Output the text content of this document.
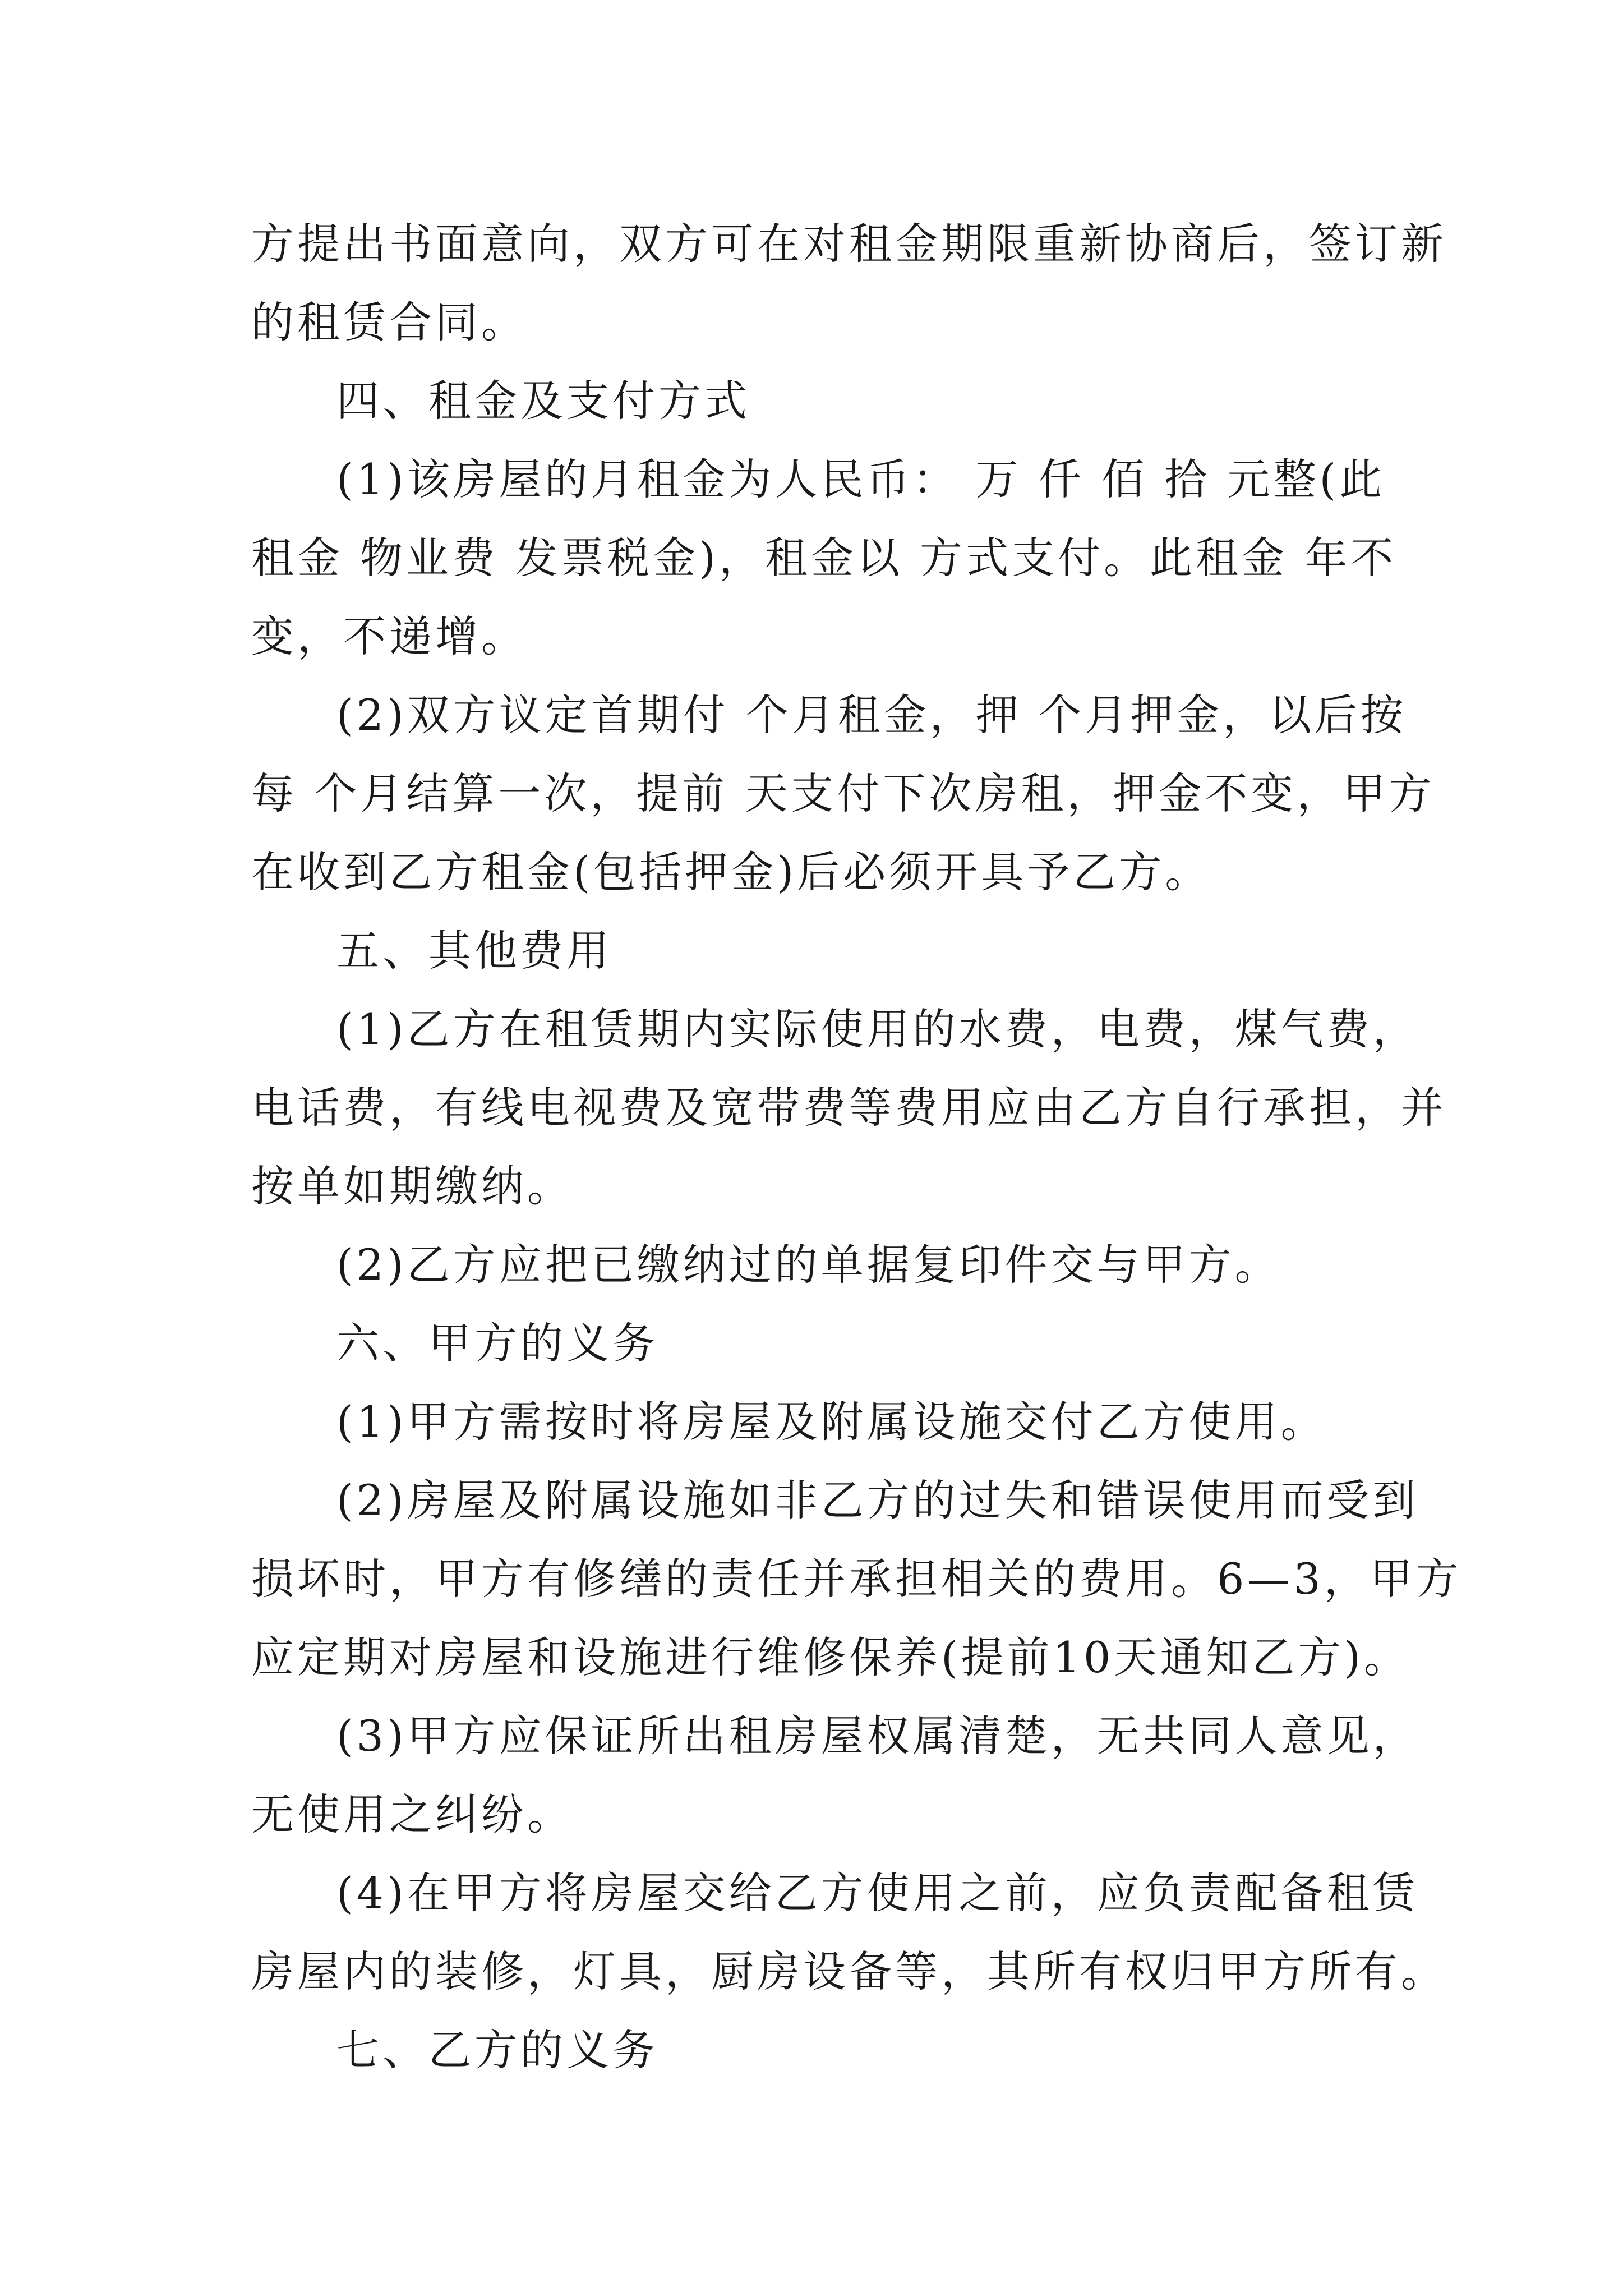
方提出书面意向，双方可在对租金期限重新协商后，签订新
的租赁合同。
四、租金及支付方式
(1)该房屋的月租金为人民币： 万 仟 佰 拾 元整(此
租金 物业费 发票税金)，租金以 方式支付。此租金 年不
变，不递增。
(2)双方议定首期付 个月租金，押 个月押金，以后按
每 个月结算一次，提前 天支付下次房租，押金不变，甲方
在收到乙方租金(包括押金)后必须开具予乙方。
五、其他费用
(1)乙方在租赁期内实际使用的水费，电费，煤气费，
电话费，有线电视费及宽带费等费用应由乙方自行承担，并
按单如期缴纳。
(2)乙方应把已缴纳过的单据复印件交与甲方。
六、甲方的义务
(1)甲方需按时将房屋及附属设施交付乙方使用。
(2)房屋及附属设施如非乙方的过失和错误使用而受到
损坏时，甲方有修缮的责任并承担相关的费用。6—3，甲方
应定期对房屋和设施进行维修保养(提前10天通知乙方)。
(3)甲方应保证所出租房屋权属清楚，无共同人意见，
无使用之纠纷。
(4)在甲方将房屋交给乙方使用之前，应负责配备租赁
房屋内的装修，灯具，厨房设备等，其所有权归甲方所有。
七、乙方的义务
